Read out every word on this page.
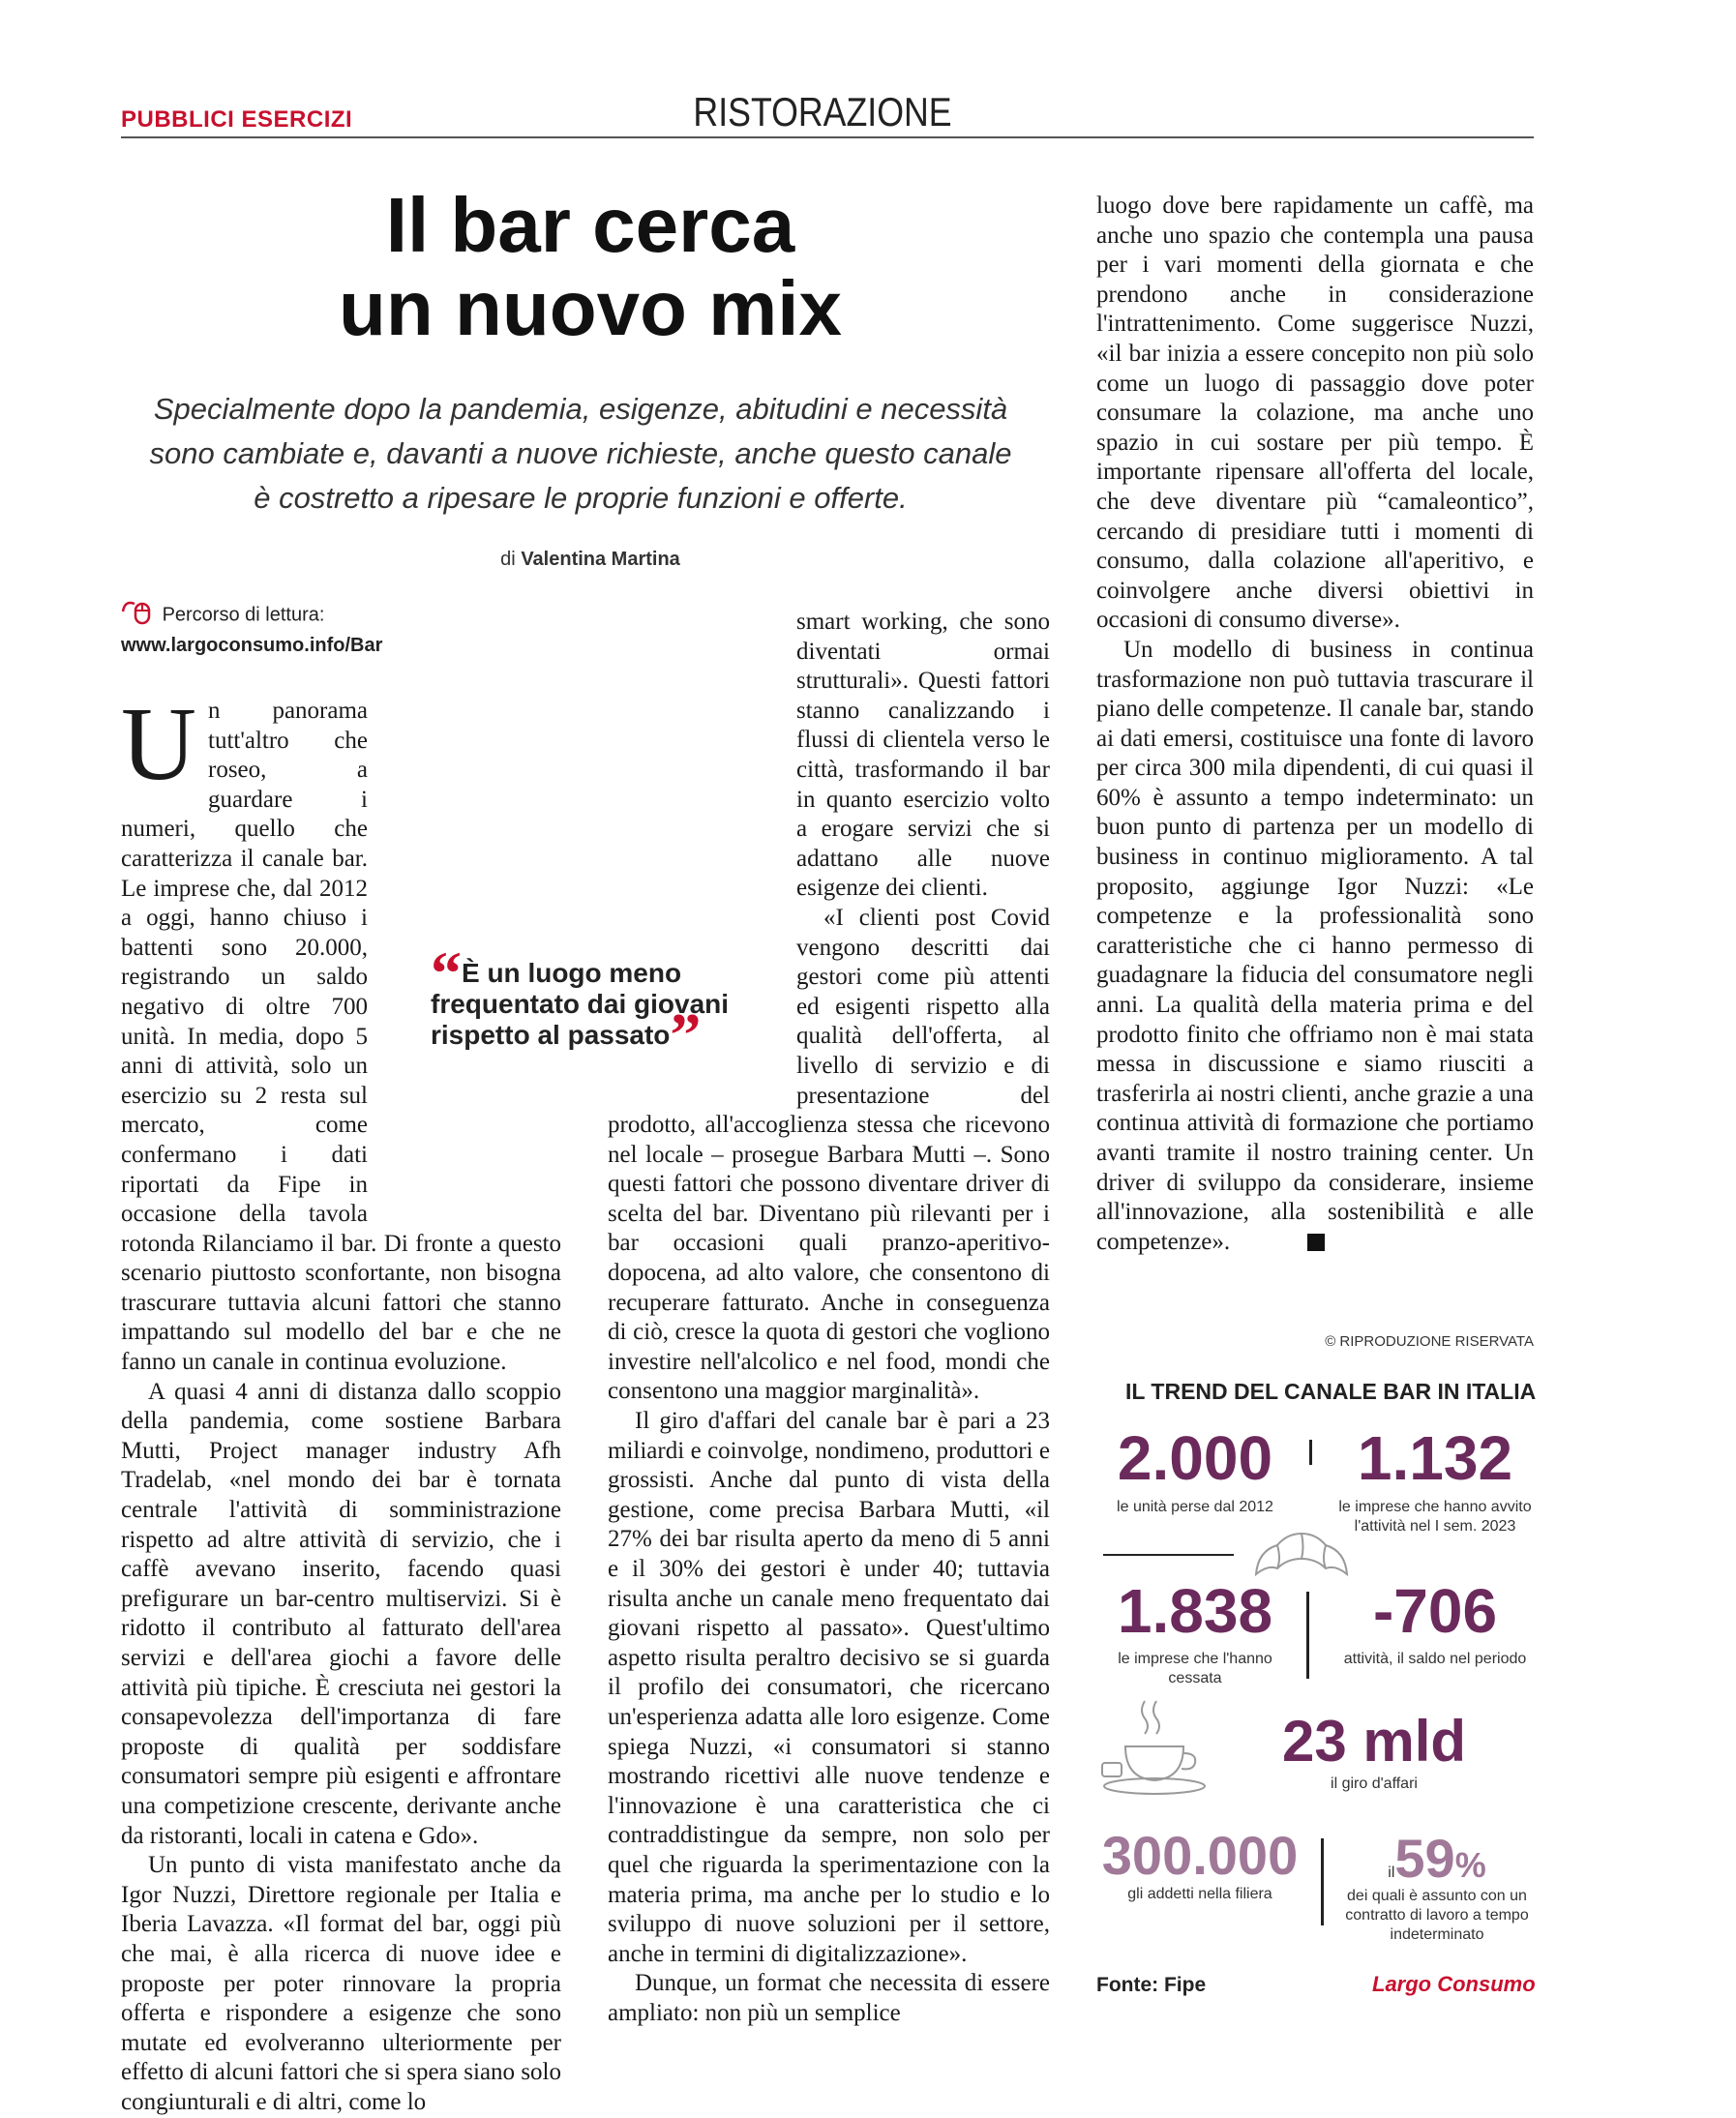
PUBBLICI ESERCIZI	RISTORAZIONE
Il bar cerca
un nuovo mix
Specialmente dopo la pandemia, esigenze, abitudini e necessità
sono cambiate e, davanti a nuove richieste, anche questo canale
è costretto a ripesare le proprie funzioni e offerte.
di Valentina Martina
Percorso di lettura:
www.largoconsumo.info/Bar
U n panorama tutt'altro che roseo, a guardare i numeri, quello che caratterizza il canale bar. Le imprese che, dal 2012 a oggi, hanno chiuso i battenti sono 20.000, registrando un saldo negativo di oltre 700 unità. In media, dopo 5 anni di attività, solo un esercizio su 2 resta sul mercato, come confermano i dati riportati da Fipe in occasione della tavola rotonda Rilanciamo il bar. Di fronte a questo scenario piuttosto sconfortante, non bisogna trascurare tuttavia alcuni fattori che stanno impattando sul modello del bar e che ne fanno un canale in continua evoluzione.

A quasi 4 anni di distanza dallo scoppio della pandemia, come sostiene Barbara Mutti, Project manager industry Afh Tradelab, «nel mondo dei bar è tornata centrale l'attività di somministrazione rispetto ad altre attività di servizio, che i caffè avevano inserito, facendo quasi prefigurare un bar-centro multiservizi. Si è ridotto il contributo al fatturato dell'area servizi e dell'area giochi a favore delle attività più tipiche. È cresciuta nei gestori la consapevolezza dell'importanza di fare proposte di qualità per soddisfare consumatori sempre più esigenti e affrontare una competizione crescente, derivante anche da ristoranti, locali in catena e Gdo».

Un punto di vista manifestato anche da Igor Nuzzi, Direttore regionale per Italia e Iberia Lavazza. «Il format del bar, oggi più che mai, è alla ricerca di nuove idee e proposte per poter rinnovare la propria offerta e rispondere a esigenze che sono mutate ed evolveranno ulteriormente per effetto di alcuni fattori che si spera siano solo congiunturali e di altri, come lo

smart working, che sono diventati ormai strutturali». Questi fattori stanno canalizzando i flussi di clientela verso le città, trasformando il bar in quanto esercizio volto a erogare servizi che si adattano alle nuove esigenze dei clienti.

«I clienti post Covid vengono descritti dai gestori come più attenti ed esigenti rispetto alla qualità dell'offerta, al livello di servizio e di presentazione del prodotto, all'accoglienza stessa che ricevono nel locale – prosegue Barbara Mutti –. Sono questi fattori che possono diventare driver di scelta del bar. Diventano più rilevanti per i bar occasioni quali pranzo-aperitivo-dopocena, ad alto valore, che consentono di recuperare fatturato. Anche in conseguenza di ciò, cresce la quota di gestori che vogliono investire nell'alcolico e nel food, mondi che consentono una maggior marginalità».

Il giro d'affari del canale bar è pari a 23 miliardi e coinvolge, nondimeno, produttori e grossisti. Anche dal punto di vista della gestione, come precisa Barbara Mutti, «il 27% dei bar risulta aperto da meno di 5 anni e il 30% dei gestori è under 40; tuttavia risulta anche un canale meno frequentato dai giovani rispetto al passato». Quest'ultimo aspetto risulta peraltro decisivo se si guarda il profilo dei consumatori, che ricercano un'esperienza adatta alle loro esigenze. Come spiega Nuzzi, «i consumatori si stanno mostrando ricettivi alle nuove tendenze e l'innovazione è una caratteristica che ci contraddistingue da sempre, non solo per quel che riguarda la sperimentazione con la materia prima, ma anche per lo studio e lo sviluppo di nuove soluzioni per il settore, anche in termini di digitalizzazione».

Dunque, un format che necessita di essere ampliato: non più un semplice

“È un luogo meno frequentato dai giovani rispetto al passato”

luogo dove bere rapidamente un caffè, ma anche uno spazio che contempla una pausa per i vari momenti della giornata e che prendono anche in considerazione l'intrattenimento. Come suggerisce Nuzzi, «il bar inizia a essere concepito non più solo come un luogo di passaggio dove poter consumare la colazione, ma anche uno spazio in cui sostare per più tempo. È importante ripensare all'offerta del locale, che deve diventare più “camaleontico”, cercando di presidiare tutti i momenti di consumo, dalla colazione all'aperitivo, e coinvolgere anche diversi obiettivi in occasioni di consumo diverse».

Un modello di business in continua trasformazione non può tuttavia trascurare il piano delle competenze. Il canale bar, stando ai dati emersi, costituisce una fonte di lavoro per circa 300 mila dipendenti, di cui quasi il 60% è assunto a tempo indeterminato: un buon punto di partenza per un modello di business in continuo miglioramento. A tal proposito, aggiunge Igor Nuzzi: «Le competenze e la professionalità sono caratteristiche che ci hanno permesso di guadagnare la fiducia del consumatore negli anni. La qualità della materia prima e del prodotto finito che offriamo non è mai stata messa in discussione e siamo riusciti a trasferirla ai nostri clienti, anche grazie a una continua attività di formazione che portiamo avanti tramite il nostro training center. Un driver di sviluppo da considerare, insieme all'innovazione, alla sostenibilità e alle competenze».

© RIPRODUZIONE RISERVATA
IL TREND DEL CANALE BAR IN ITALIA
2.000
le unità perse dal 2012
1.132
le imprese che hanno avvito l'attività nel I sem. 2023
1.838
le imprese che l'hanno cessata
-706
attività, il saldo nel periodo
23 mld
il giro d'affari
300.000
gli addetti nella filiera
il59%
dei quali è assunto con un contratto di lavoro a tempo indeterminato
Fonte: Fipe	Largo Consumo
